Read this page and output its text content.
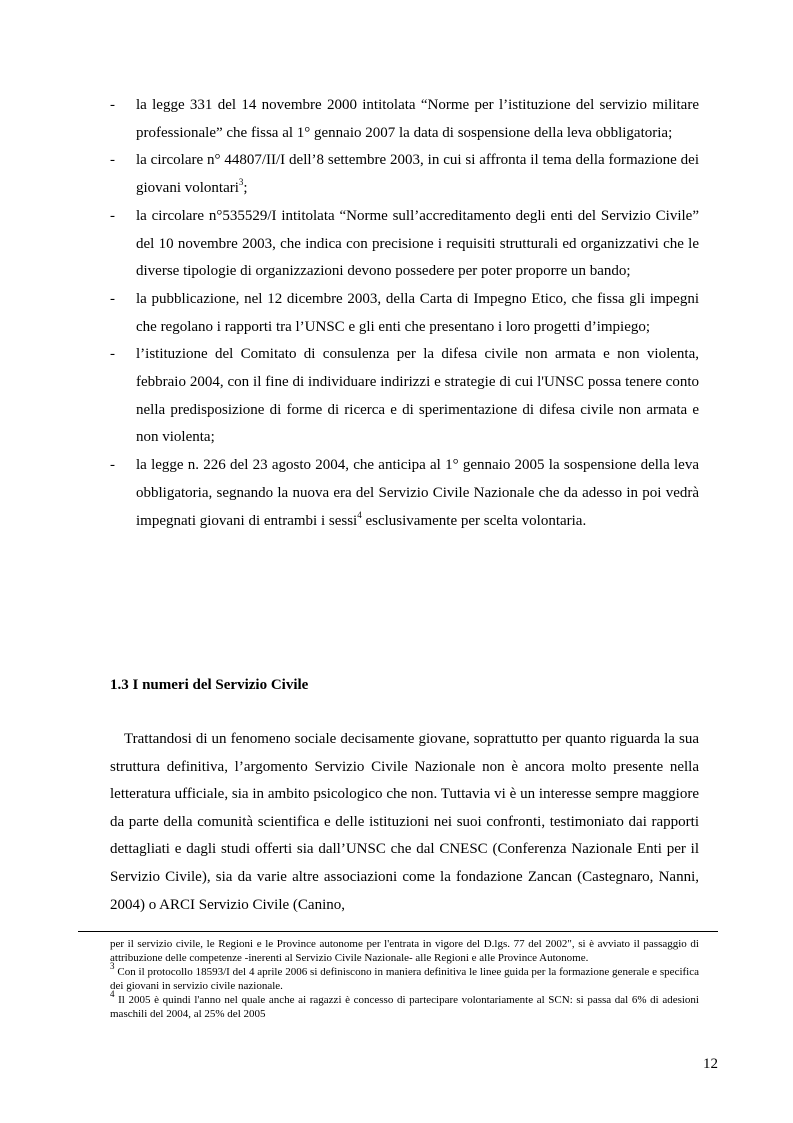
- la legge 331 del 14 novembre 2000 intitolata “Norme per l’istituzione del servizio militare professionale” che fissa al 1° gennaio 2007 la data di sospensione della leva obbligatoria;
- la circolare n° 44807/II/I dell’8 settembre 2003, in cui si affronta il tema della formazione dei giovani volontari$^3$;
- la circolare n°535529/I intitolata “Norme sull’accreditamento degli enti del Servizio Civile” del 10 novembre 2003, che indica con precisione i requisiti strutturali ed organizzativi che le diverse tipologie di organizzazioni devono possedere per poter proporre un bando;
- la pubblicazione, nel 12 dicembre 2003, della Carta di Impegno Etico, che fissa gli impegni che regolano i rapporti tra l’UNSC e gli enti che presentano i loro progetti d’impiego;
- l’istituzione del Comitato di consulenza per la difesa civile non armata e non violenta, febbraio 2004, con il fine di individuare indirizzi e strategie di cui l'UNSC possa tenere conto nella predisposizione di forme di ricerca e di sperimentazione di difesa civile non armata e non violenta;
- la legge n. 226 del 23 agosto 2004, che anticipa al 1° gennaio 2005 la sospensione della leva obbligatoria, segnando la nuova era del Servizio Civile Nazionale che da adesso in poi vedrà impegnati giovani di entrambi i sessi$^4$ esclusivamente per scelta volontaria.
1.3 I numeri del Servizio Civile

Trattandosi di un fenomeno sociale decisamente giovane, soprattutto per quanto riguarda la sua struttura definitiva, l’argomento Servizio Civile Nazionale non è ancora molto presente nella letteratura ufficiale, sia in ambito psicologico che non. Tuttavia vi è un interesse sempre maggiore da parte della comunità scientifica e delle istituzioni nei suoi confronti, testimoniato dai rapporti dettagliati e dagli studi offerti sia dall’UNSC che dal CNESC (Conferenza Nazionale Enti per il Servizio Civile), sia da varie altre associazioni come la fondazione Zancan (Castegnaro, Nanni, 2004) o ARCI Servizio Civile (Canino,

per il servizio civile, le Regioni e le Province autonome per l'entrata in vigore del D.lgs. 77 del 2002", si è avviato il passaggio di attribuzione delle competenze -inerenti al Servizio Civile Nazionale- alle Regioni e alle Province Autonome.

$^3$ Con il protocollo 18593/I del 4 aprile 2006 si definiscono in maniera definitiva le linee guida per la formazione generale e specifica dei giovani in servizio civile nazionale.

$^4$ Il 2005 è quindi l'anno nel quale anche ai ragazzi è concesso di partecipare volontariamente al SCN: si passa dal 6% di adesioni maschili del 2004, al 25% del 2005

12
